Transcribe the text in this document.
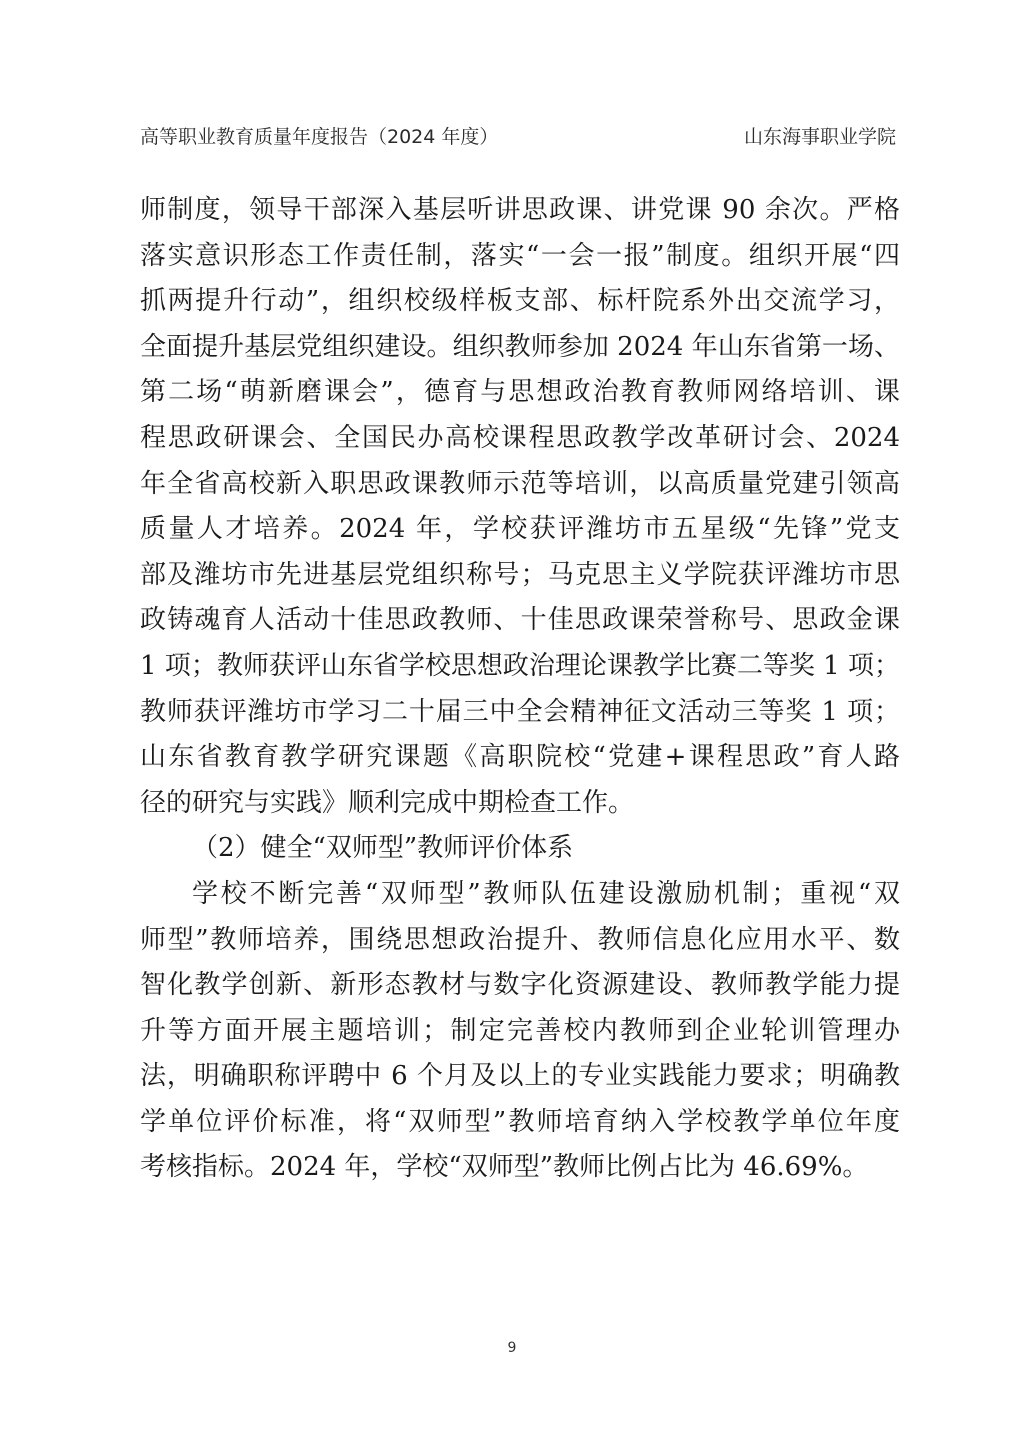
高等职业教育质量年度报告（2024 年度）	山东海事职业学院
师制度，领导干部深入基层听讲思政课、讲党课 90 余次。严格
落实意识形态工作责任制，落实“一会一报”制度。组织开展“四
抓两提升行动”，组织校级样板支部、标杆院系外出交流学习，
全面提升基层党组织建设。组织教师参加 2024 年山东省第一场、
第二场“萌新磨课会”，德育与思想政治教育教师网络培训、课
程思政研课会、全国民办高校课程思政教学改革研讨会、2024
年全省高校新入职思政课教师示范等培训，以高质量党建引领高
质量人才培养。2024 年，学校获评潍坊市五星级“先锋”党支
部及潍坊市先进基层党组织称号；马克思主义学院获评潍坊市思
政铸魂育人活动十佳思政教师、十佳思政课荣誉称号、思政金课
1 项；教师获评山东省学校思想政治理论课教学比赛二等奖 1 项；
教师获评潍坊市学习二十届三中全会精神征文活动三等奖 1 项；
山东省教育教学研究课题《高职院校“党建+课程思政”育人路
径的研究与实践》顺利完成中期检查工作。
（2）健全“双师型”教师评价体系
学校不断完善“双师型”教师队伍建设激励机制；重视“双
师型”教师培养，围绕思想政治提升、教师信息化应用水平、数
智化教学创新、新形态教材与数字化资源建设、教师教学能力提
升等方面开展主题培训；制定完善校内教师到企业轮训管理办
法，明确职称评聘中 6 个月及以上的专业实践能力要求；明确教
学单位评价标准，将“双师型”教师培育纳入学校教学单位年度
考核指标。2024 年，学校“双师型”教师比例占比为 46.69%。
9
